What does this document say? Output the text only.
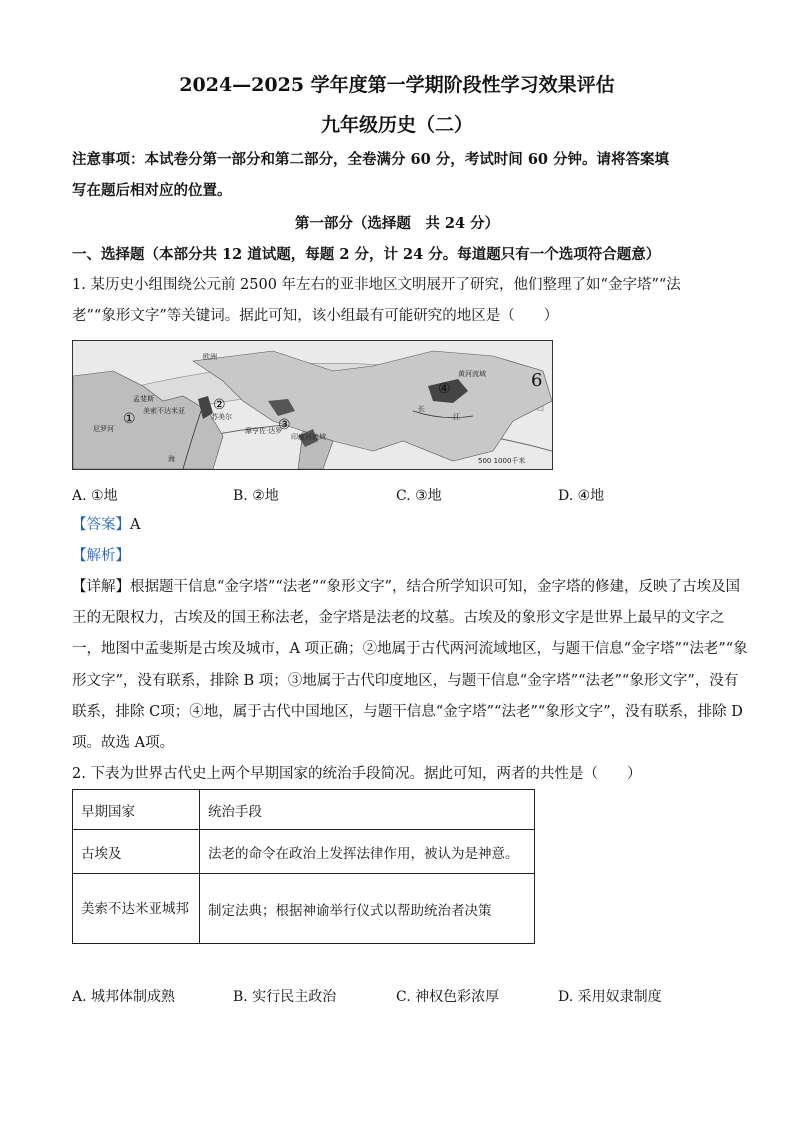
2024—2025 学年度第一学期阶段性学习效果评估
九年级历史（二）
注意事项：本试卷分第一部分和第二部分，全卷满分 60 分，考试时间 60 分钟。请将答案填
写在题后相对应的位置。
第一部分（选择题　共 24 分）
一、选择题（本部分共 12 道试题，每题 2 分，计 24 分。每道题只有一个选项符合题意）
1. 某历史小组围绕公元前 2500 年左右的亚非地区文明展开了研究，他们整理了如“金字塔”“法
老”“象形文字”等关键词。据此可知，该小组最有可能研究的地区是（　　）
①
②
③
④
欧洲
孟斐斯
美索不达米亚
苏美尔
尼罗河
印度河流域
摩亨佐·达罗
黄河流域
长
江
海	500 1000千米
6
A. ①地	B. ②地	C. ③地	D. ④地
【答案】A
【解析】
【详解】根据题干信息“金字塔”“法老”“象形文字”，结合所学知识可知，金字塔的修建，反映了古埃及国
王的无限权力，古埃及的国王称法老，金字塔是法老的坟墓。古埃及的象形文字是世界上最早的文字之
一，地图中孟斐斯是古埃及城市，A 项正确；②地属于古代两河流域地区，与题干信息“金字塔”“法老”“象
形文字”，没有联系，排除 B 项；③地属于古代印度地区，与题干信息“金字塔”“法老”“象形文字”，没有
联系，排除 C项；④地，属于古代中国地区，与题干信息“金字塔”“法老”“象形文字”，没有联系，排除 D
项。故选 A项。
2. 下表为世界古代史上两个早期国家的统治手段简况。据此可知，两者的共性是（　　）
早期国家	统治手段
古埃及	法老的命令在政治上发挥法律作用，被认为是神意。
美索不达米亚城邦	制定法典；根据神谕举行仪式以帮助统治者决策
A. 城邦体制成熟	B. 实行民主政治	C. 神权色彩浓厚	D. 采用奴隶制度
